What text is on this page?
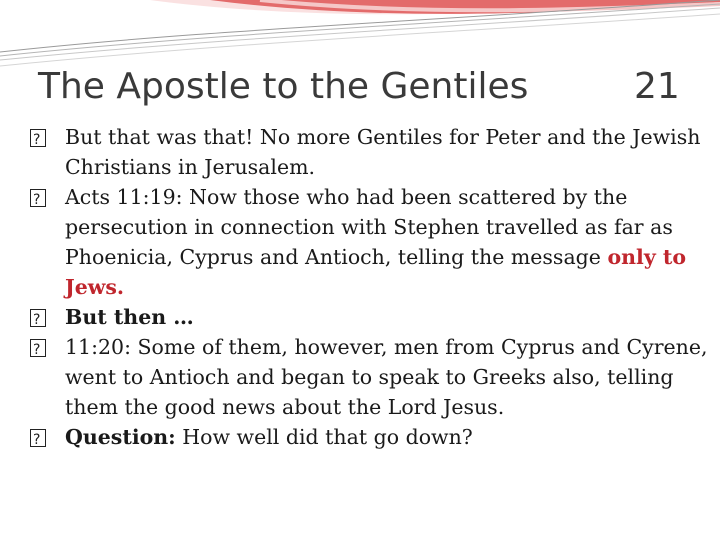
The Apostle to the Gentiles	21
?
But that was that! No more Gentiles for Peter and the Jewish Christians in Jerusalem.
?
Acts 11:19: Now those who had been scattered by the persecution in connection with Stephen travelled as far as Phoenicia, Cyprus and Antioch, telling the message only to Jews.
?
But then …
?
11:20: Some of them, however, men from Cyprus and Cyrene, went to Antioch and began to speak to Greeks also, telling them the good news about the Lord Jesus.
?
Question: How well did that go down?
